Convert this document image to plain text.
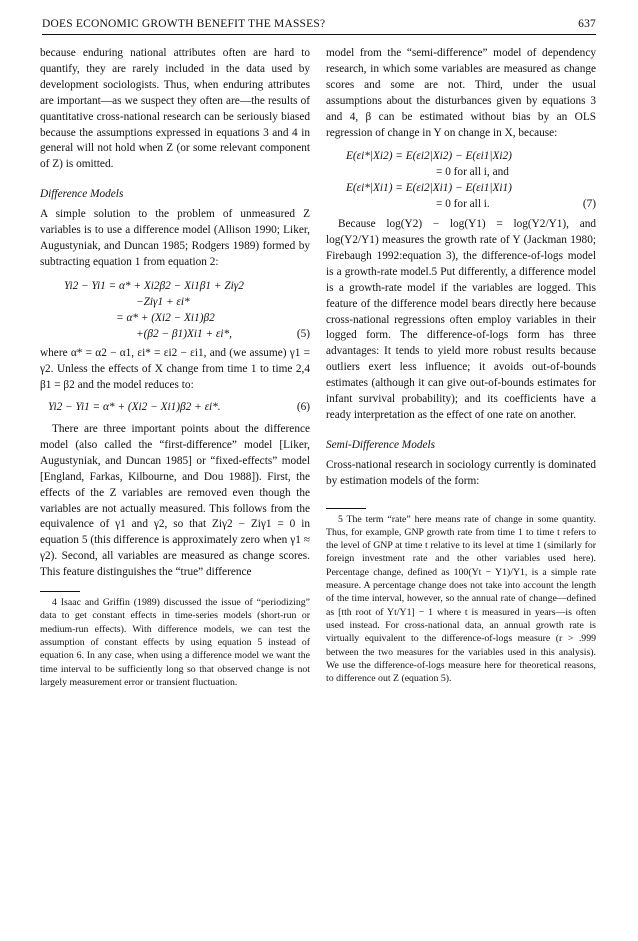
DOES ECONOMIC GROWTH BENEFIT THE MASSES?	637

because enduring national attributes often are hard to quantify, they are rarely included in the data used by development sociologists. Thus, when enduring attributes are important—as we suspect they often are—the results of quantitative cross-national research can be seriously biased because the assumptions expressed in equations 3 and 4 in general will not hold when Z (or some relevant component of Z) is omitted.

Difference Models

A simple solution to the problem of unmeasured Z variables is to use a difference model (Allison 1990; Liker, Augustyniak, and Duncan 1985; Rodgers 1989) formed by subtracting equation 1 from equation 2:

Yi2 − Yi1 = α* + Xi2β2 − Xi1β1 + Ziγ2
−Ziγ1 + εi*
= α* + (Xi2 − Xi1)β2
+(β2 − β1)Xi1 + εi*,	(5)

where α* = α2 − α1, εi* = εi2 − εi1, and (we assume) γ1 = γ2. Unless the effects of X change from time 1 to time 2,4 β1 = β2 and the model reduces to:

Yi2 − Yi1 = α* + (Xi2 − Xi1)β2 + εi*.	(6)

There are three important points about the difference model (also called the “first-difference” model [Liker, Augustyniak, and Duncan 1985] or “fixed-effects” model [England, Farkas, Kilbourne, and Dou 1988]). First, the effects of the Z variables are removed even though the variables are not actually measured. This follows from the equivalence of γ1 and γ2, so that Ziγ2 − Ziγ1 = 0 in equation 5 (this difference is approximately zero when γ1 ≈ γ2). Second, all variables are measured as change scores. This feature distinguishes the “true” difference

4 Isaac and Griffin (1989) discussed the issue of “periodizing” data to get constant effects in time-series models (short-run or medium-run effects). With difference models, we can test the assumption of constant effects by using equation 5 instead of equation 6. In any case, when using a difference model we want the time interval to be sufficiently long so that observed change is not largely measurement error or transient fluctuation.

model from the “semi-difference” model of dependency research, in which some variables are measured as change scores and some are not. Third, under the usual assumptions about the disturbances given by equations 3 and 4, β can be estimated without bias by an OLS regression of change in Y on change in X, because:

E(εi*|Xi2) = E(εi2|Xi2) − E(εi1|Xi2)
= 0 for all i, and
E(εi*|Xi1) = E(εi2|Xi1) − E(εi1|Xi1)
= 0 for all i.	(7)

Because log(Y2) − log(Y1) = log(Y2/Y1), and log(Y2/Y1) measures the growth rate of Y (Jackman 1980; Firebaugh 1992:equation 3), the difference-of-logs model is a growth-rate model.5 Put differently, a difference model is a growth-rate model if the variables are logged. This feature of the difference model bears directly here because cross-national regressions often employ variables in their logged form. The difference-of-logs form has three advantages: It tends to yield more robust results because outliers exert less influence; it avoids out-of-bounds estimates (although it can give out-of-bounds estimates for infant survival probability); and its coefficients have a ready interpretation as the effect of one rate on another.

Semi-Difference Models

Cross-national research in sociology currently is dominated by estimation models of the form:

5 The term “rate” here means rate of change in some quantity. Thus, for example, GNP growth rate from time 1 to time t refers to the level of GNP at time t relative to its level at time 1 (similarly for foreign investment rate and the other variables used here). Percentage change, defined as 100(Yt − Y1)/Y1, is a simple rate measure. A percentage change does not take into account the length of the time interval, however, so the annual rate of change—defined as [tth root of Yt/Y1] − 1 where t is measured in years—is often used instead. For cross-national data, an annual growth rate is virtually equivalent to the difference-of-logs measure (r > .999 between the two measures for the variables used in this analysis). We use the difference-of-logs measure here for theoretical reasons, to difference out Z (equation 5).
